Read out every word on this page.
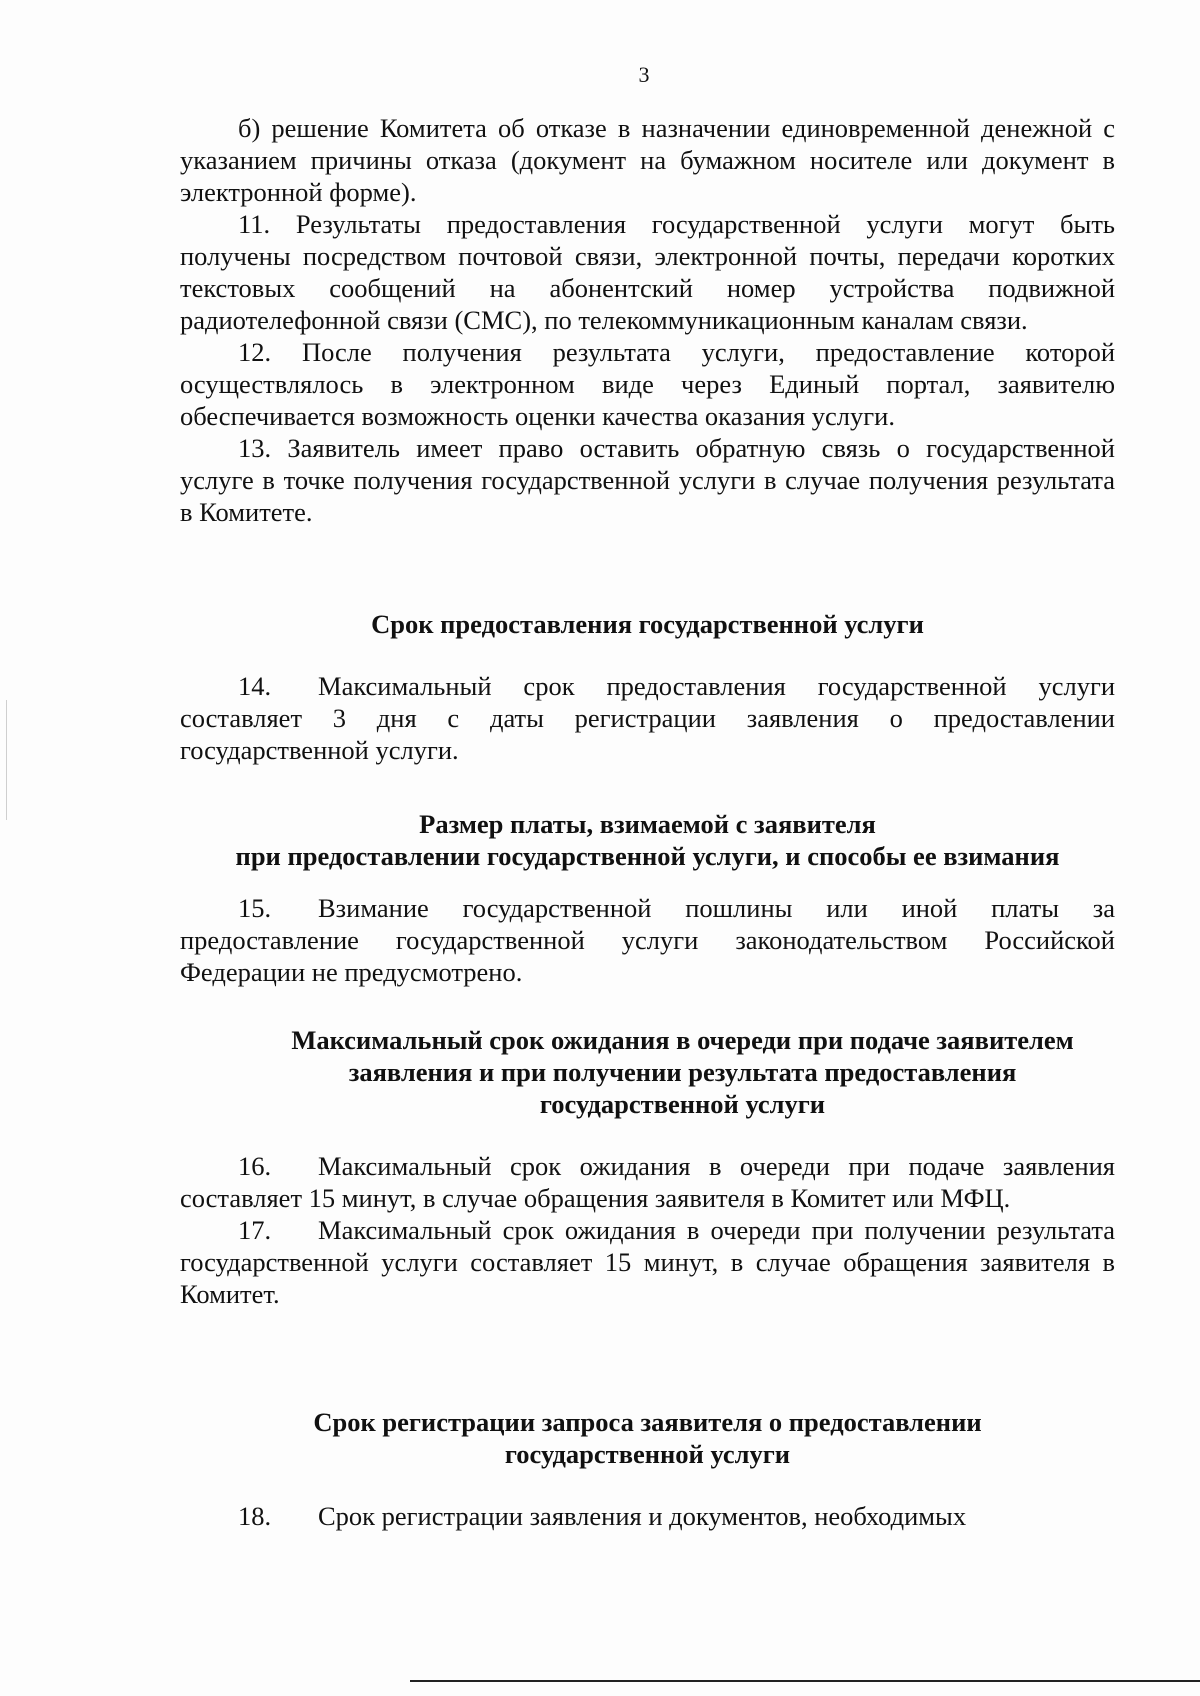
3

б) решение Комитета об отказе в назначении единовременной денежной с указанием причины отказа (документ на бумажном носителе или документ в электронной форме).

11. Результаты предоставления государственной услуги могут быть получены посредством почтовой связи, электронной почты, передачи коротких текстовых сообщений на абонентский номер устройства подвижной радиотелефонной связи (СМС), по телекоммуникационным каналам связи.

12. После получения результата услуги, предоставление которой осуществлялось в электронном виде через Единый портал, заявителю обеспечивается возможность оценки качества оказания услуги.

13. Заявитель имеет право оставить обратную связь о государственной услуге в точке получения государственной услуги в случае получения результата в Комитете.

Срок предоставления государственной услуги

14. Максимальный срок предоставления государственной услуги составляет 3 дня с даты регистрации заявления о предоставлении государственной услуги.

Размер платы, взимаемой с заявителя

при предоставлении государственной услуги, и способы ее взимания

15. Взимание государственной пошлины или иной платы за предоставление государственной услуги законодательством Российской Федерации не предусмотрено.

Максимальный срок ожидания в очереди при подаче заявителем заявления и при получении результата предоставления государственной услуги

16. Максимальный срок ожидания в очереди при подаче заявления составляет 15 минут, в случае обращения заявителя в Комитет или МФЦ.

17. Максимальный срок ожидания в очереди при получении результата государственной услуги составляет 15 минут, в случае обращения заявителя в Комитет.

Срок регистрации запроса заявителя о предоставлении

государственной услуги

18. Срок регистрации заявления и документов, необходимых
